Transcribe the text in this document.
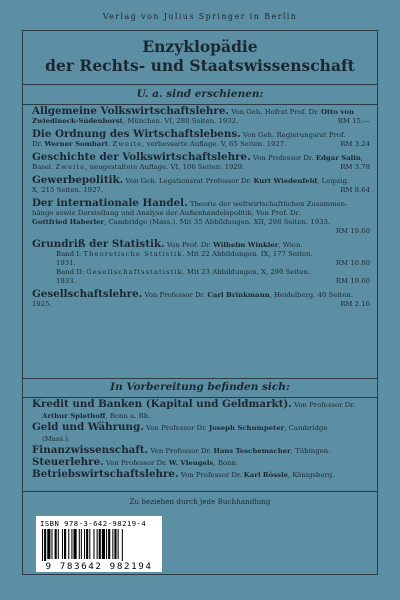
Verlag von Julius Springer in Berlin
Enzyklopädie
der Rechts- und Staatswissenschaft
U. a. sind erschienen:

Allgemeine Volkswirtschaftslehre. Von Geh. Hofrat Prof. Dr. Otto von
Zwiedineck-Südenhorst, München. VI, 280 Seiten. 1932.	RM 15.—

Die Ordnung des Wirtschaftslebens. Von Geh. Regierungsrat Prof.
Dr. Werner Sombart. Zweite, verbesserte Auflage. V, 65 Seiten. 1927.	RM 3.24

Geschichte der Volkswirtschaftslehre. Von Professor Dr. Edgar Salin,
Basel. Zweite, neugestaltete Auflage. VI, 106 Seiten. 1929.	RM 3.78

Gewerbepolitik. Von Geh. Legationsrat Professor Dr. Kurt Wiedenfeld, Leipzig.
X, 215 Seiten. 1927.	RM 8.64

Der internationale Handel. Theorie der weltwirtschaftlichen Zusammen-
hänge sowie Darstellung und Analyse der Außenhandelspolitik. Von Prof. Dr.
Gottfried Haberler, Cambridge (Mass.). Mit 35 Abbildungen. XII, 298 Seiten. 1933.
RM 19.60

Grundriß der Statistik. Von Prof. Dr. Wilhelm Winkler, Wien.
Band I: Theoretische Statistik. Mit 22 Abbildungen. IX, 177 Seiten.
1931.	RM 10.80
Band II: Gesellschaftsstatistik. Mit 23 Abbildungen. X, 290 Seiten.
1933.	RM 19.60

Gesellschaftslehre. Von Professor Dr. Carl Brinkmann, Heidelberg. 40 Seiten.
1925.	RM 2.16

In Vorbereitung befinden sich:

Kredit und Banken (Kapital und Geldmarkt). Von Professor Dr.
Arthur Spiethoff, Bonn a. Rh.

Geld und Währung. Von Professor Dr. Joseph Schumpeter, Cambridge
(Mass.).

Finanzwissenschaft. Von Professor Dr. Hans Teschemacher, Tübingen.

Steuerlehre. Von Professor Dr. W. Vleugels, Bonn.

Betriebswirtschaftslehre. Von Professor Dr. Karl Rössle, Königsberg.

Zu beziehen durch jede Buchhandlung
ISBN 978-3-642-98219-4
9 783642 982194
